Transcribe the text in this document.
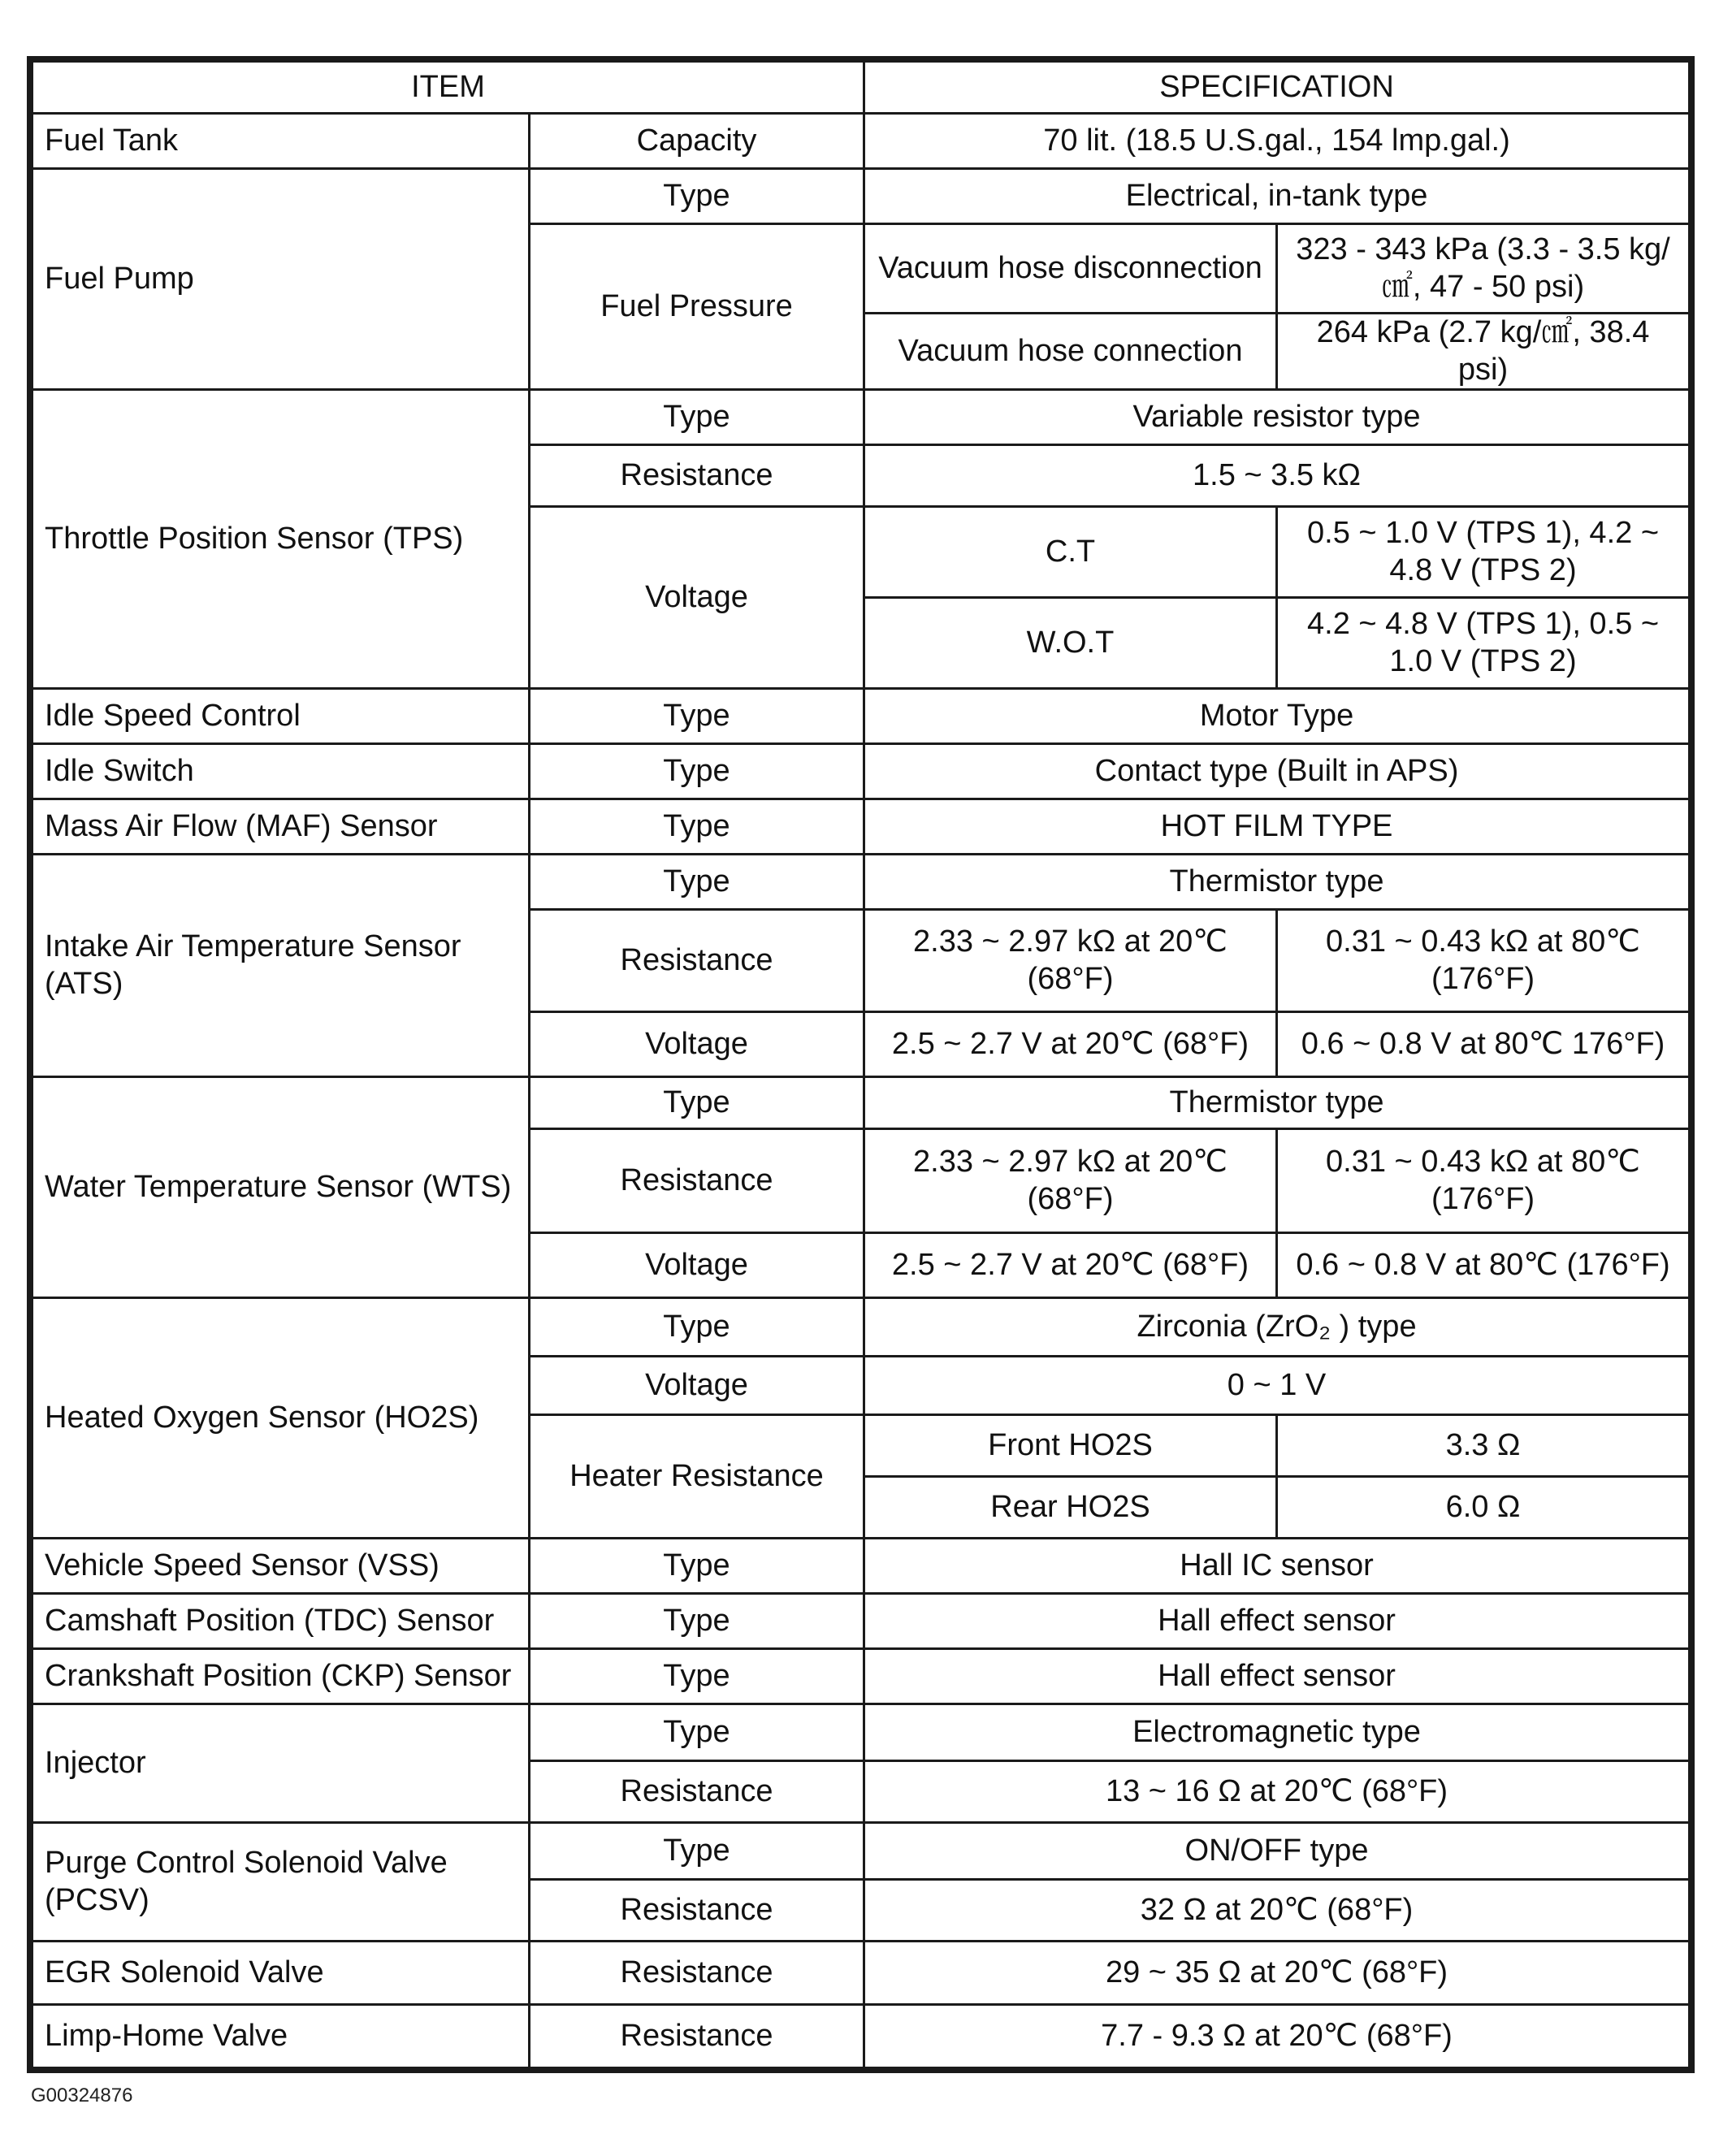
ITEM		SPECIFICATION	
Fuel Tank	Capacity	70 lit. (18.5 U.S.gal., 154 lmp.gal.)	
Fuel Pump	Type	Electrical, in-tank type	
	Fuel Pressure	Vacuum hose disconnection	323 - 343 kPa (3.3 - 3.5 kg/㎠, 47 - 50 psi)
		Vacuum hose connection	264 kPa (2.7 kg/㎠, 38.4 psi)
Throttle Position Sensor (TPS)	Type	Variable resistor type	
	Resistance	1.5 ~ 3.5 kΩ	
	Voltage	C.T	0.5 ~ 1.0 V (TPS 1), 4.2 ~ 4.8 V (TPS 2)
		W.O.T	4.2 ~ 4.8 V (TPS 1), 0.5 ~ 1.0 V (TPS 2)
Idle Speed Control	Type	Motor Type	
Idle Switch	Type	Contact type (Built in APS)	
Mass Air Flow (MAF) Sensor	Type	HOT FILM TYPE	
Intake Air Temperature Sensor (ATS)	Type	Thermistor type	
	Resistance	2.33 ~ 2.97 kΩ at 20℃ (68°F)	0.31 ~ 0.43 kΩ at 80℃ (176°F)
	Voltage	2.5 ~ 2.7 V at 20℃ (68°F)	0.6 ~ 0.8 V at 80℃ 176°F)
Water Temperature Sensor (WTS)	Type	Thermistor type	
	Resistance	2.33 ~ 2.97 kΩ at 20℃ (68°F)	0.31 ~ 0.43 kΩ at 80℃ (176°F)
	Voltage	2.5 ~ 2.7 V at 20℃ (68°F)	0.6 ~ 0.8 V at 80℃ (176°F)
Heated Oxygen Sensor (HO2S)	Type	Zirconia (ZrO₂ ) type	
	Voltage	0 ~ 1 V	
	Heater Resistance	Front HO2S	3.3 Ω
		Rear HO2S	6.0 Ω
Vehicle Speed Sensor (VSS)	Type	Hall IC sensor	
Camshaft Position (TDC) Sensor	Type	Hall effect sensor	
Crankshaft Position (CKP) Sensor	Type	Hall effect sensor	
Injector	Type	Electromagnetic type	
	Resistance	13 ~ 16 Ω at 20℃ (68°F)	
Purge Control Solenoid Valve (PCSV)	Type	ON/OFF type	
	Resistance	32 Ω at 20℃ (68°F)	
EGR Solenoid Valve	Resistance	29 ~ 35 Ω at 20℃ (68°F)	
Limp-Home Valve	Resistance	7.7 - 9.3 Ω at 20℃ (68°F)	
G00324876
